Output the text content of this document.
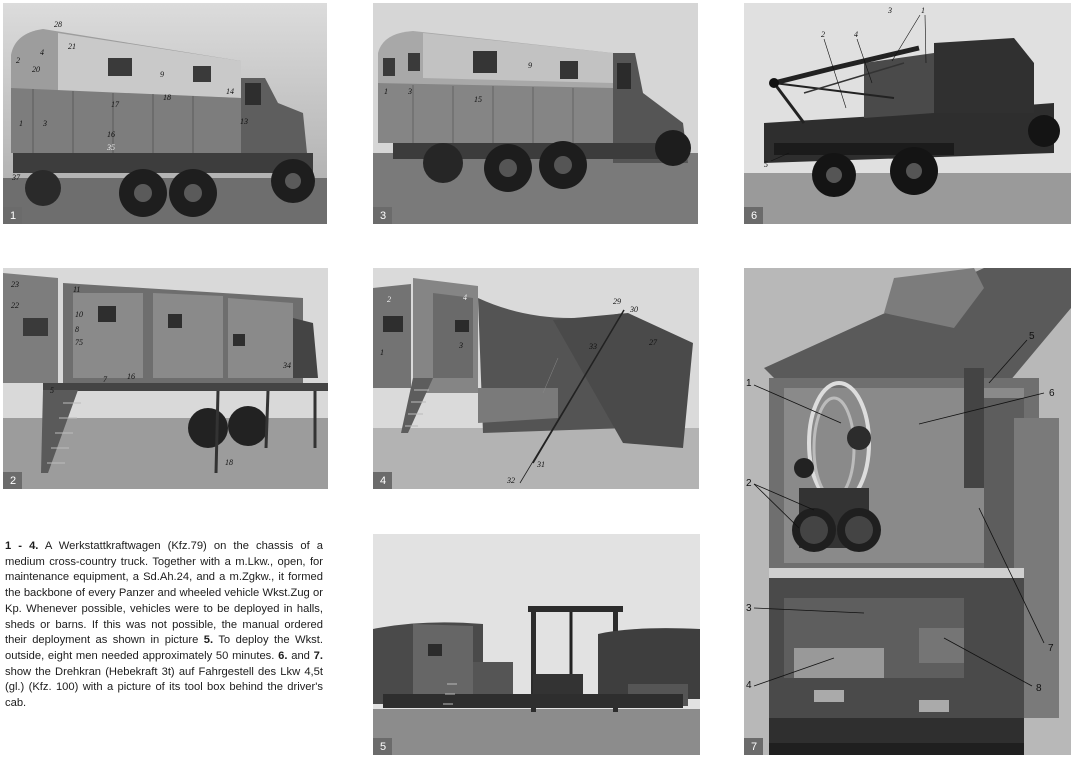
28
21
2
4
20
9
1	3
17
18
14
13
16
35
37
1
9
1	3
15
3
3	1
2	4
5
6
23
22
11
10
8
75
5
7	16
34
18
2
2	4
1
3
29
30
33	27
31
32
4
5
5
1
6
2
3
7
4	8
7
1 - 4. A Werkstattkraftwagen (Kfz.79) on the chassis of a medium cross-country truck. Together with a m.Lkw., open, for maintenance equipment, a Sd.Ah.24, and a m.Zgkw., it formed the backbone of every Panzer and wheeled vehicle Wkst.Zug or Kp. Whenever possible, vehicles were to be deployed in halls, sheds or barns. If this was not possible, the manual ordered their deployment as shown in picture 5. To deploy the Wkst. outside, eight men needed approximately 50 minutes. 6. and 7. show the Drehkran (Hebekraft 3t) auf Fahrgestell des Lkw 4,5t (gl.) (Kfz. 100) with a picture of its tool box behind the driver's cab.
